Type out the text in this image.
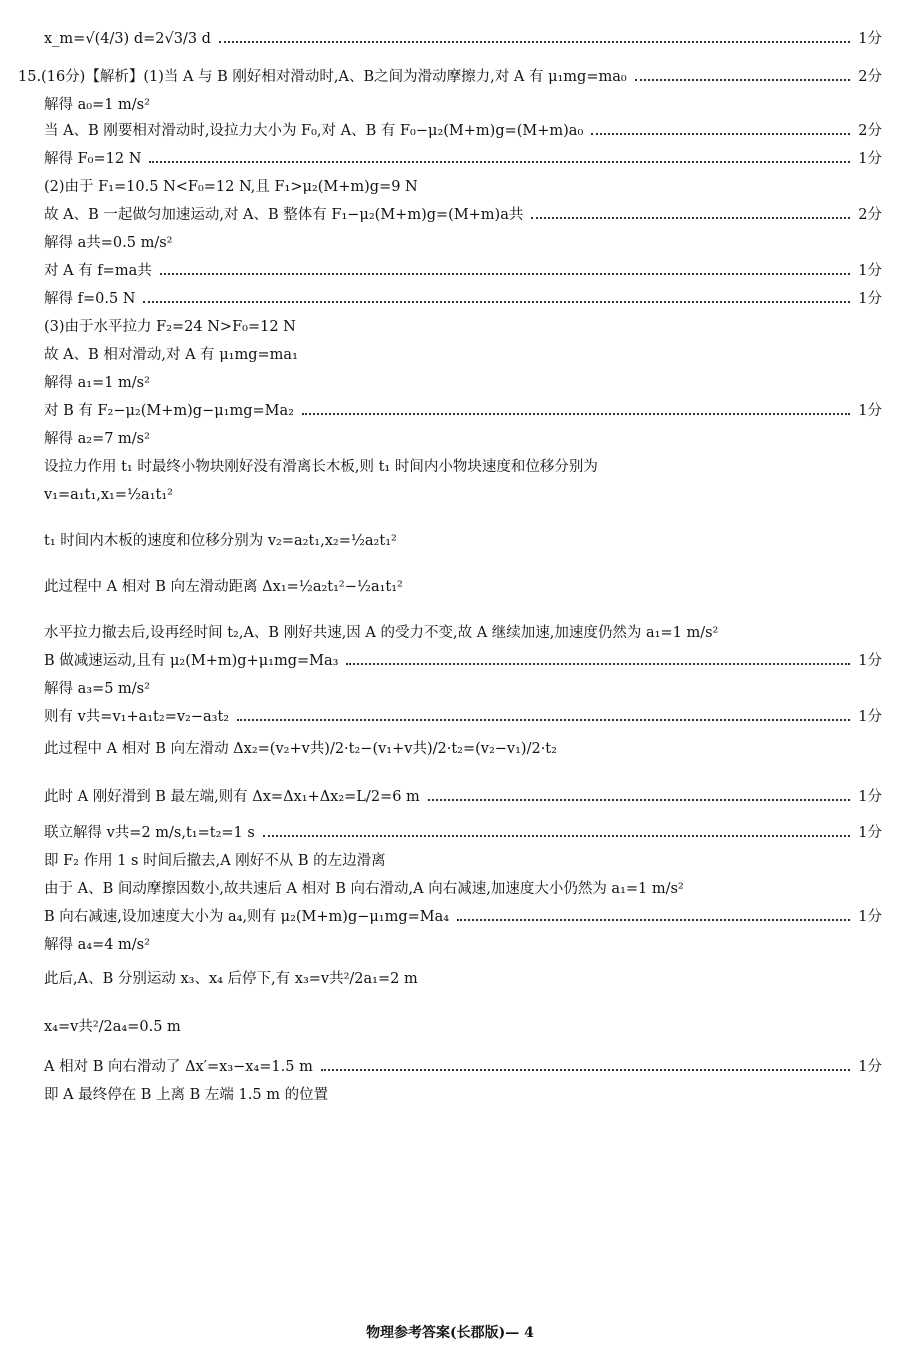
x_m=√(4/3) d=2√3/3 d	1分
15.(16分)【解析】(1)当 A 与 B 刚好相对滑动时,A、B之间为滑动摩擦力,对 A 有 μ₁mg=ma₀	2分
解得 a₀=1 m/s²
当 A、B 刚要相对滑动时,设拉力大小为 F₀,对 A、B 有 F₀−μ₂(M+m)g=(M+m)a₀	2分
解得 F₀=12 N	1分
(2)由于 F₁=10.5 N<F₀=12 N,且 F₁>μ₂(M+m)g=9 N
故 A、B 一起做匀加速运动,对 A、B 整体有 F₁−μ₂(M+m)g=(M+m)a共	2分
解得 a共=0.5 m/s²
对 A 有 f=ma共	1分
解得 f=0.5 N	1分
(3)由于水平拉力 F₂=24 N>F₀=12 N
故 A、B 相对滑动,对 A 有 μ₁mg=ma₁
解得 a₁=1 m/s²
对 B 有 F₂−μ₂(M+m)g−μ₁mg=Ma₂	1分
解得 a₂=7 m/s²
设拉力作用 t₁ 时最终小物块刚好没有滑离长木板,则 t₁ 时间内小物块速度和位移分别为
v₁=a₁t₁,x₁=½a₁t₁²
t₁ 时间内木板的速度和位移分别为 v₂=a₂t₁,x₂=½a₂t₁²
此过程中 A 相对 B 向左滑动距离 Δx₁=½a₂t₁²−½a₁t₁²
水平拉力撤去后,设再经时间 t₂,A、B 刚好共速,因 A 的受力不变,故 A 继续加速,加速度仍然为 a₁=1 m/s²
B 做减速运动,且有 μ₂(M+m)g+μ₁mg=Ma₃	1分
解得 a₃=5 m/s²
则有 v共=v₁+a₁t₂=v₂−a₃t₂	1分
此过程中 A 相对 B 向左滑动 Δx₂=(v₂+v共)/2·t₂−(v₁+v共)/2·t₂=(v₂−v₁)/2·t₂
此时 A 刚好滑到 B 最左端,则有 Δx=Δx₁+Δx₂=L/2=6 m	1分
联立解得 v共=2 m/s,t₁=t₂=1 s	1分
即 F₂ 作用 1 s 时间后撤去,A 刚好不从 B 的左边滑离
由于 A、B 间动摩擦因数小,故共速后 A 相对 B 向右滑动,A 向右减速,加速度大小仍然为 a₁=1 m/s²
B 向右减速,设加速度大小为 a₄,则有 μ₂(M+m)g−μ₁mg=Ma₄	1分
解得 a₄=4 m/s²
此后,A、B 分别运动 x₃、x₄ 后停下,有 x₃=v共²/2a₁=2 m
x₄=v共²/2a₄=0.5 m
A 相对 B 向右滑动了 Δx′=x₃−x₄=1.5 m	1分
即 A 最终停在 B 上离 B 左端 1.5 m 的位置
物理参考答案(长郡版)— 4
